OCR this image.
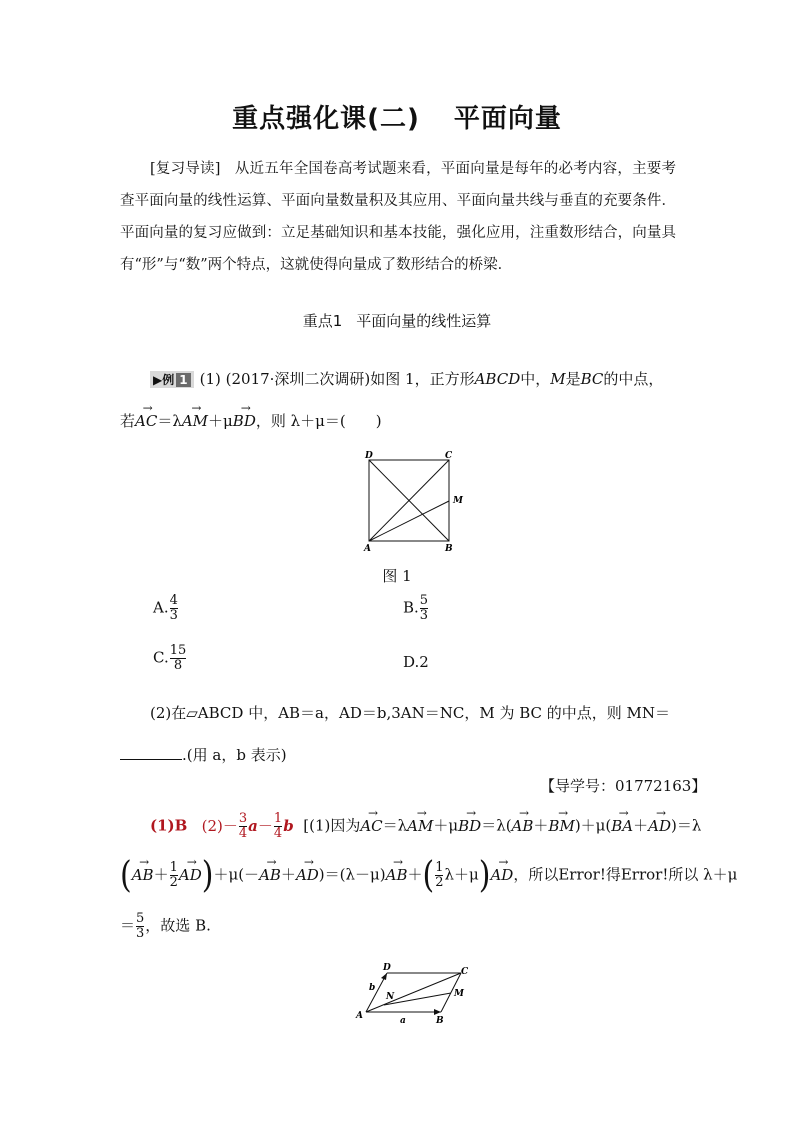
重点强化课(二) 平面向量
[复习导读] 从近五年全国卷高考试题来看，平面向量是每年的必考内容，主要考查平面向量的线性运算、平面向量数量积及其应用、平面向量共线与垂直的充要条件．平面向量的复习应做到：立足基础知识和基本技能，强化应用，注重数形结合，向量具有“形”与“数”两个特点，这就使得向量成了数形结合的桥梁．
重点1 平面向量的线性运算
▶例 1 (1) (2017·深圳二次调研)如图 1，正方形ABCD中，M是BC的中点，
若→ AC＝λ→ AM＋μ→ BD，则 λ＋μ＝(　　)
A	B
C
D
M
图 1
A. $\frac{4}{3}$	B. $\frac{5}{3}$
C. $\frac{15}{8}$	D.2
(2)在▱ABCD 中，AB＝a，AD＝b,3AN＝NC，M 为 BC 的中点，则 MN＝
.(用 a，b 表示)
【导学号：01772163】
(1)B (2)－3
4a－1
4b [(1)因为→ AC＝λ→ AM＋μ→ BD＝λ(→ AB＋→ BM)＋μ(→ BA＋→ AD)＝λ
(→ AB＋1
2→ AD)＋μ(－→ AB＋→ AD)＝(λ－μ)→ AB＋(1
2λ＋μ)→ AD，所以Error!得Error!所以 λ＋μ
＝5
3，故选 B.
A	B
C
D
M
N
a
b
